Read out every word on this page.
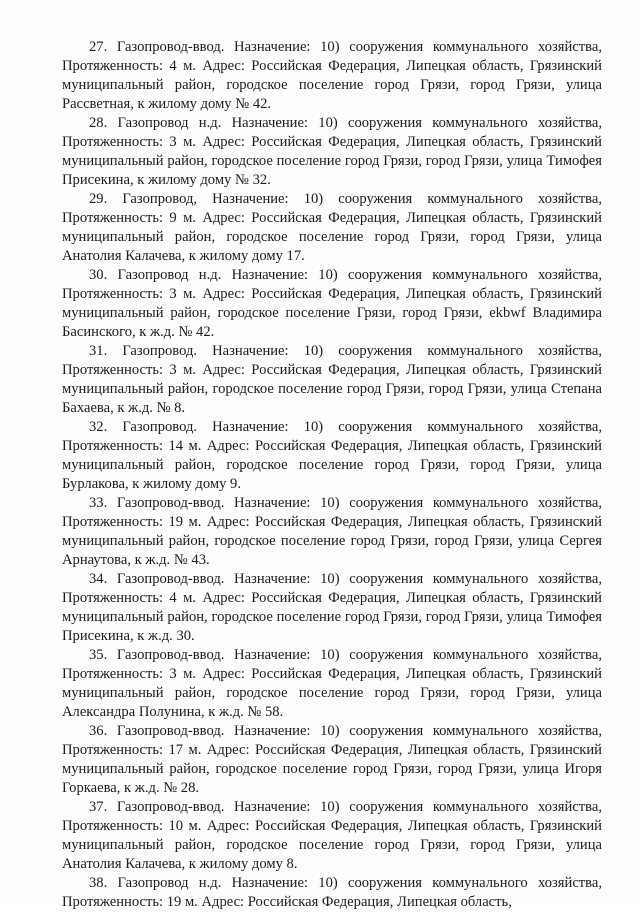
27. Газопровод-ввод. Назначение: 10) сооружения коммунального хозяйства, Протяженность: 4 м. Адрес: Российская Федерация, Липецкая область, Грязинский муниципальный район, городское поселение город Грязи, город Грязи, улица Рассветная, к жилому дому № 42.

28. Газопровод н.д. Назначение: 10) сооружения коммунального хозяйства, Протяженность: 3 м. Адрес: Российская Федерация, Липецкая область, Грязинский муниципальный район, городское поселение город Грязи, город Грязи, улица Тимофея Присекина, к жилому дому № 32.

29. Газопровод, Назначение: 10) сооружения коммунального хозяйства, Протяженность: 9 м. Адрес: Российская Федерация, Липецкая область, Грязинский муниципальный район, городское поселение город Грязи, город Грязи, улица Анатолия Калачева, к жилому дому 17.

30. Газопровод н.д. Назначение: 10) сооружения коммунального хозяйства, Протяженность: 3 м. Адрес: Российская Федерация, Липецкая область, Грязинский муниципальный район, городское поселение Грязи, город Грязи, ekbwf Владимира Басинского, к ж.д. № 42.

31. Газопровод. Назначение: 10) сооружения коммунального хозяйства, Протяженность: 3 м. Адрес: Российская Федерация, Липецкая область, Грязинский муниципальный район, городское поселение город Грязи, город Грязи, улица Степана Бахаева, к ж.д. № 8.

32. Газопровод. Назначение: 10) сооружения коммунального хозяйства, Протяженность: 14 м. Адрес: Российская Федерация, Липецкая область, Грязинский муниципальный район, городское поселение город Грязи, город Грязи, улица Бурлакова, к жилому дому 9.

33. Газопровод-ввод. Назначение: 10) сооружения коммунального хозяйства, Протяженность: 19 м. Адрес: Российская Федерация, Липецкая область, Грязинский муниципальный район, городское поселение город Грязи, город Грязи, улица Сергея Арнаутова, к ж.д. № 43.

34. Газопровод-ввод. Назначение: 10) сооружения коммунального хозяйства, Протяженность: 4 м. Адрес: Российская Федерация, Липецкая область, Грязинский муниципальный район, городское поселение город Грязи, город Грязи, улица Тимофея Присекина, к ж.д. 30.

35. Газопровод-ввод. Назначение: 10) сооружения коммунального хозяйства, Протяженность: 3 м. Адрес: Российская Федерация, Липецкая область, Грязинский муниципальный район, городское поселение город Грязи, город Грязи, улица Александра Полунина, к ж.д. № 58.

36. Газопровод-ввод. Назначение: 10) сооружения коммунального хозяйства, Протяженность: 17 м. Адрес: Российская Федерация, Липецкая область, Грязинский муниципальный район, городское поселение город Грязи, город Грязи, улица Игоря Горкаева, к ж.д. № 28.

37. Газопровод-ввод. Назначение: 10) сооружения коммунального хозяйства, Протяженность: 10 м. Адрес: Российская Федерация, Липецкая область, Грязинский муниципальный район, городское поселение город Грязи, город Грязи, улица Анатолия Калачева, к жилому дому 8.

38. Газопровод н.д. Назначение: 10) сооружения коммунального хозяйства, Протяженность: 19 м. Адрес: Российская Федерация, Липецкая область,
